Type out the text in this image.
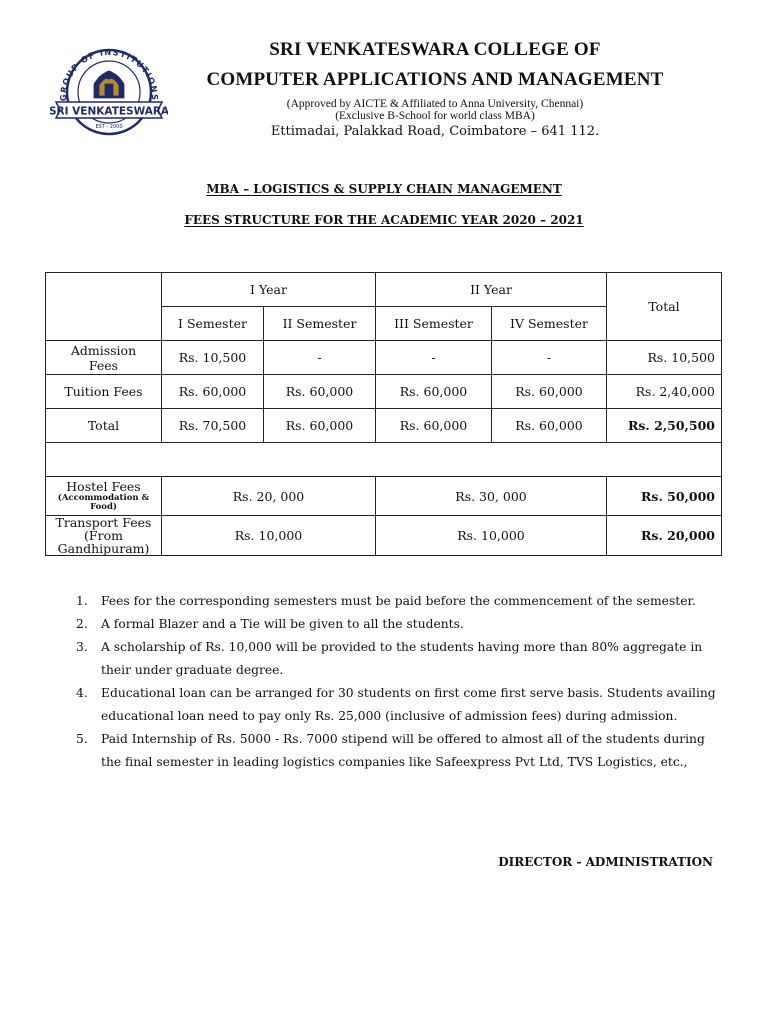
GROUP OF INSTITUTIONS
SRI VENKATESWARA
EST - 2000
SRI VENKATESWARA COLLEGE OF
COMPUTER APPLICATIONS AND MANAGEMENT
(Approved by AICTE & Affiliated to Anna University, Chennai)
(Exclusive B-School for world class MBA)
Ettimadai, Palakkad Road, Coimbatore – 641 112.
MBA – LOGISTICS & SUPPLY CHAIN MANAGEMENT
FEES STRUCTURE FOR THE ACADEMIC YEAR 2020 – 2021
	I Year		II Year		Total
	I Semester	II Semester	III Semester	IV Semester	

Admission Fees	Rs. 10,500	-	-	-	Rs. 10,500
Tuition Fees	Rs. 60,000	Rs. 60,000	Rs. 60,000	Rs. 60,000	Rs. 2,40,000
Total	Rs. 70,500	Rs. 60,000	Rs. 60,000	Rs. 60,000	Rs. 2,50,500

Hostel Fees
(Accommodation & Food)	Rs. 20, 000		Rs. 30, 000		Rs. 50,000

Transport Fees
(From
Gandhipuram)	Rs. 10,000		Rs. 10,000		Rs. 20,000
1. Fees for the corresponding semesters must be paid before the commencement of the semester.
2. A formal Blazer and a Tie will be given to all the students.
3. A scholarship of Rs. 10,000 will be provided to the students having more than 80% aggregate in their under graduate degree.
4. Educational loan can be arranged for 30 students on first come first serve basis. Students availing educational loan need to pay only Rs. 25,000 (inclusive of admission fees) during admission.
5. Paid Internship of Rs. 5000 - Rs. 7000 stipend will be offered to almost all of the students during the final semester in leading logistics companies like Safeexpress Pvt Ltd, TVS Logistics, etc.,
DIRECTOR - ADMINISTRATION
